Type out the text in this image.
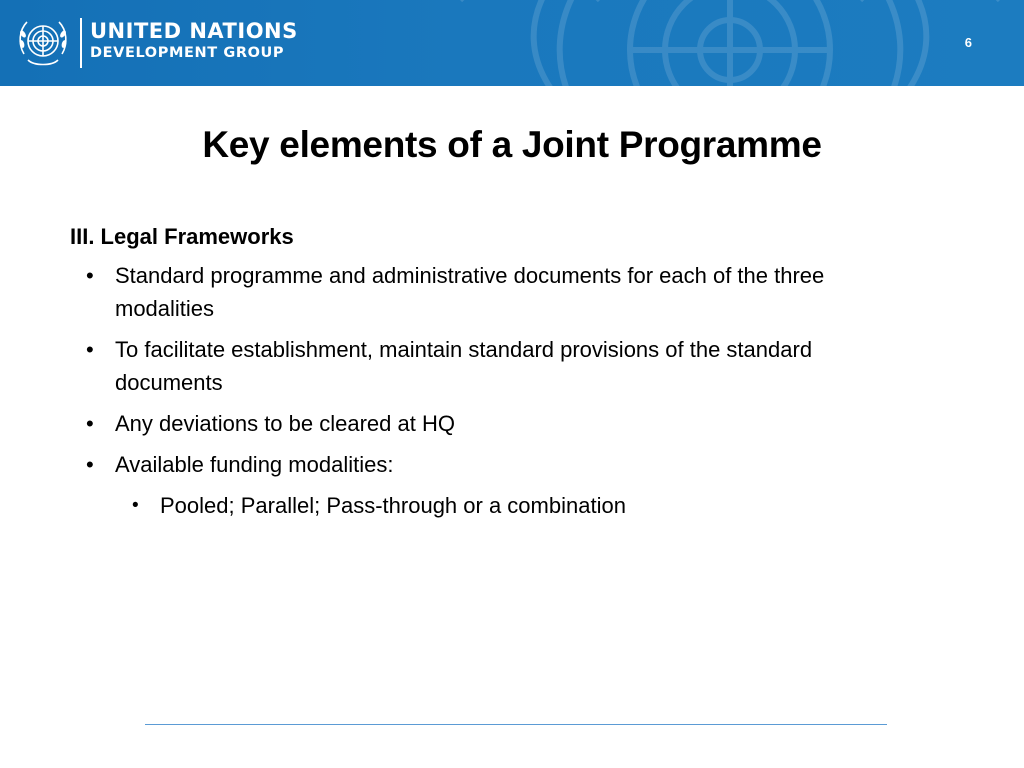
UNITED NATIONS
DEVELOPMENT GROUP
6
Key elements of a Joint Programme
III. Legal Frameworks
• Standard programme and administrative documents for each of the three modalities
• To facilitate establishment, maintain standard provisions of the standard documents
• Any deviations to be cleared at HQ
• Available funding modalities:
• Pooled; Parallel; Pass-through or a combination
